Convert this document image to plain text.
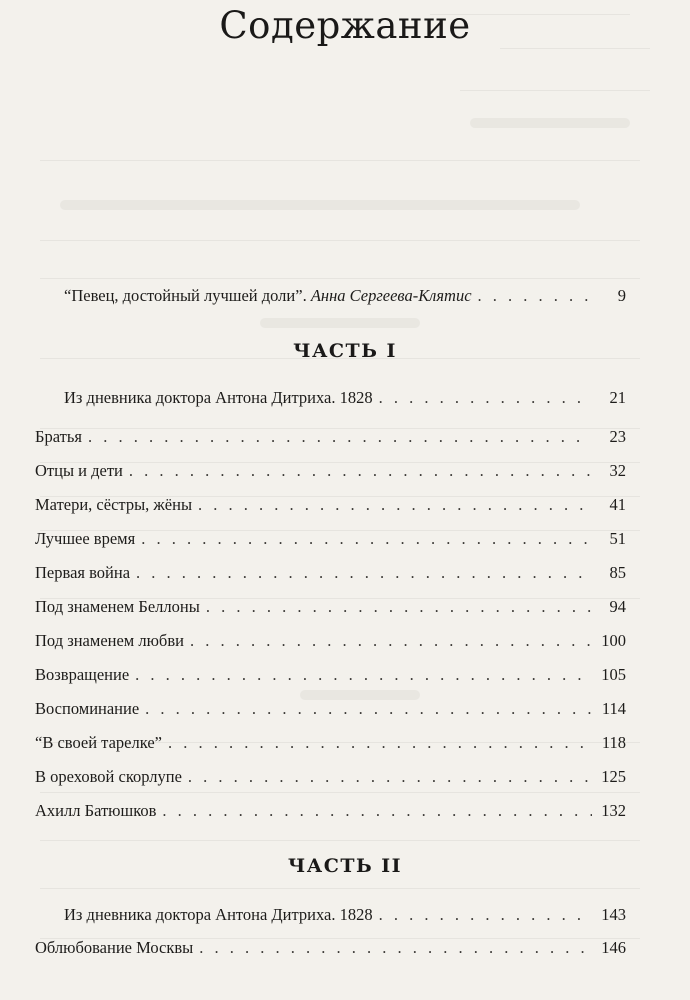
Содержание
“Певец, достойный лучшей доли”. Анна Сергеева-Клятис . . .	9
ЧАСТЬ I
Из дневника доктора Антона Дитриха. 1828 . . .	21
Братья . . .	23
Отцы и дети . . .	32
Матери, сёстры, жёны . . .	41
Лучшее время . . .	51
Первая война . . .	85
Под знаменем Беллоны . . .	94
Под знаменем любви . . .	100
Возвращение . . .	105
Воспоминание . . .	114
“В своей тарелке” . . .	118
В ореховой скорлупе . . .	125
Ахилл Батюшков . . .	132
ЧАСТЬ II
Из дневника доктора Антона Дитриха. 1828 . . .	143
Облюбование Москвы . . .	146
